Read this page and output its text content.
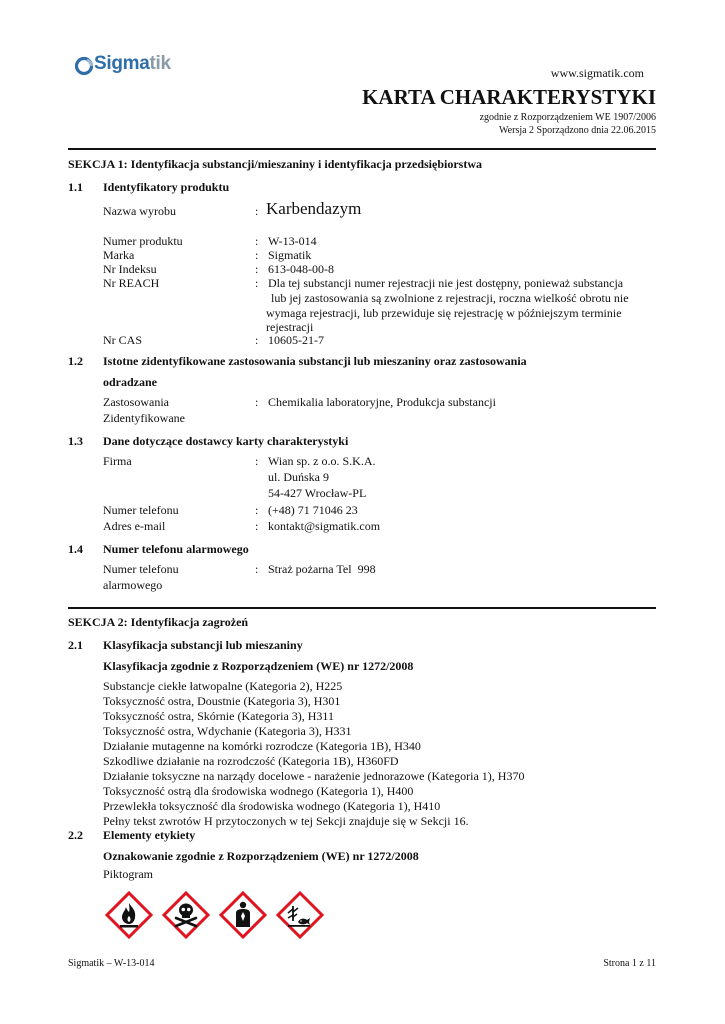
Sigmatik	www.sigmatik.com
KARTA CHARAKTERYSTYKI
zgodnie z Rozporządzeniem WE 1907/2006
Wersja 2 Sporządzono dnia 22.06.2015
SEKCJA 1: Identyfikacja substancji/mieszaniny i identyfikacja przedsiębiorstwa
1.1 Identyfikatory produktu
Nazwa wyrobu	: Karbendazym
Numer produktu	: W-13-014
Marka	: Sigmatik
Nr Indeksu	: 613-048-00-8
Nr REACH	: Dla tej substancji numer rejestracji nie jest dostępny, ponieważ substancja
lub jej zastosowania są zwolnione z rejestracji, roczna wielkość obrotu nie
wymaga rejestracji, lub przewiduje się rejestrację w późniejszym terminie
rejestracji
Nr CAS	: 10605-21-7
1.2 Istotne zidentyfikowane zastosowania substancji lub mieszaniny oraz zastosowania
odradzane
Zastosowania
Zidentyfikowane
: Chemikalia laboratoryjne, Produkcja substancji
1.3 Dane dotyczące dostawcy karty charakterystyki
Firma	: Wian sp. z o.o. S.K.A.
ul. Duńska 9
54-427 Wrocław-PL
Numer telefonu	: (+48) 71 71046 23
Adres e-mail	: kontakt@sigmatik.com
1.4 Numer telefonu alarmowego
Numer telefonu
alarmowego
: Straż pożarna Tel  998
SEKCJA 2: Identyfikacja zagrożeń
2.1 Klasyfikacja substancji lub mieszaniny
Klasyfikacja zgodnie z Rozporządzeniem (WE) nr 1272/2008
Substancje ciekłe łatwopalne (Kategoria 2), H225
Toksyczność ostra, Doustnie (Kategoria 3), H301
Toksyczność ostra, Skórnie (Kategoria 3), H311
Toksyczność ostra, Wdychanie (Kategoria 3), H331
Działanie mutagenne na komórki rozrodcze (Kategoria 1B), H340
Szkodliwe działanie na rozrodczość (Kategoria 1B), H360FD
Działanie toksyczne na narządy docelowe - narażenie jednorazowe (Kategoria 1), H370
Toksyczność ostrą dla środowiska wodnego (Kategoria 1), H400
Przewlekła toksyczność dla środowiska wodnego (Kategoria 1), H410
Pełny tekst zwrotów H przytoczonych w tej Sekcji znajduje się w Sekcji 16.
2.2 Elementy etykiety
Oznakowanie zgodnie z Rozporządzeniem (WE) nr 1272/2008
Piktogram
Sigmatik – W-13-014	Strona 1 z 11
